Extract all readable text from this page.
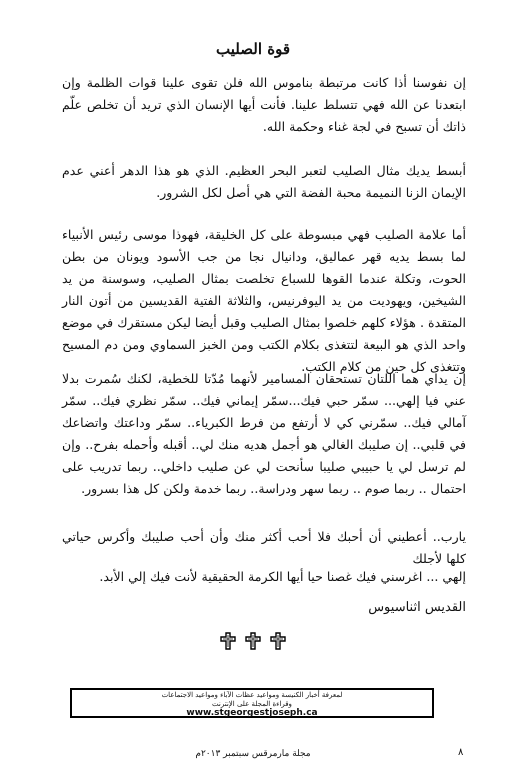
قوة الصليب
إن نفوسنا أذا كانت مرتبطة بناموس الله فلن تقوى علينا قوات الظلمة وإن ابتعدنا عن الله فهي تتسلط علينا. فأنت أيها الإنسان الذي تريد أن تخلص علّم ذاتك أن تسبح في لجة غناء وحكمة الله.
أبسط يديك مثال الصليب لتعبر البحر العظيم. الذي هو هذا الدهر أعني عدم الإيمان الزنا النميمة محبة الفضة التي هي أصل لكل الشرور.
أما علامة الصليب فهي مبسوطة على كل الخليقة، فهوذا موسى رئيس الأنبياء لما بسط يديه قهر عماليق، ودانيال نجا من جب الأسود ويونان من بطن الحوت، وتكلة عندما القوها للسباع تخلصت بمثال الصليب، وسوسنة من يد الشيخين، ويهوديت من يد اليوفرنيس، والثلاثة الفتية القديسين من أتون النار المتقدة . هؤلاء كلهم خلصوا بمثال الصليب وقبل أيضا ليكن مستقرك في موضع واحد الذي هو البيعة لتتغذى بكلام الكتب ومن الخبز السماوي ومن دم المسيح وتتغذى كل حين من كلام الكتب.
إن يداي هما اللتان تستحقان المسامير لأنهما مُدّتا للخطية، لكنك سُمرت بدلا عني فيا إلهي... سمّر حبي فيك...سمّر إيماني فيك.. سمّر نظري فيك.. سمّر آمالي فيك.. سمّرني كي لا أرتفع من فرط الكبرياء.. سمّر وداعتك واتضاعك في قلبي.. إن صليبك الغالي هو أجمل هديه منك لي.. أقبله وأحمله بفرح.. وإن لم ترسل لي يا حبيبي صليبا سأنحت لي عن صليب داخلي.. ربما تدريب على احتمال .. ربما صوم .. ربما سهر ودراسة.. ربما خدمة ولكن كل هذا بسرور.
يارب.. أعطيني أن أحبك فلا أحب أكثر منك وأن أحب صليبك وأكرس حياتي كلها لأجلك
إلهي ... اغرسني فيك غصنا حيا أيها الكرمة الحقيقية لأنت فيك إلي الأبد.
القديس اثناسيوس

لمعرفة أخبار الكنيسة ومواعيد عظات الآباء ومواعيد الاجتماعات
وقراءة المجلة على الإنترنت
www.stgeorgestjoseph.ca
مجلة مارمرقس سبتمبر ٢٠١٣م	٨
